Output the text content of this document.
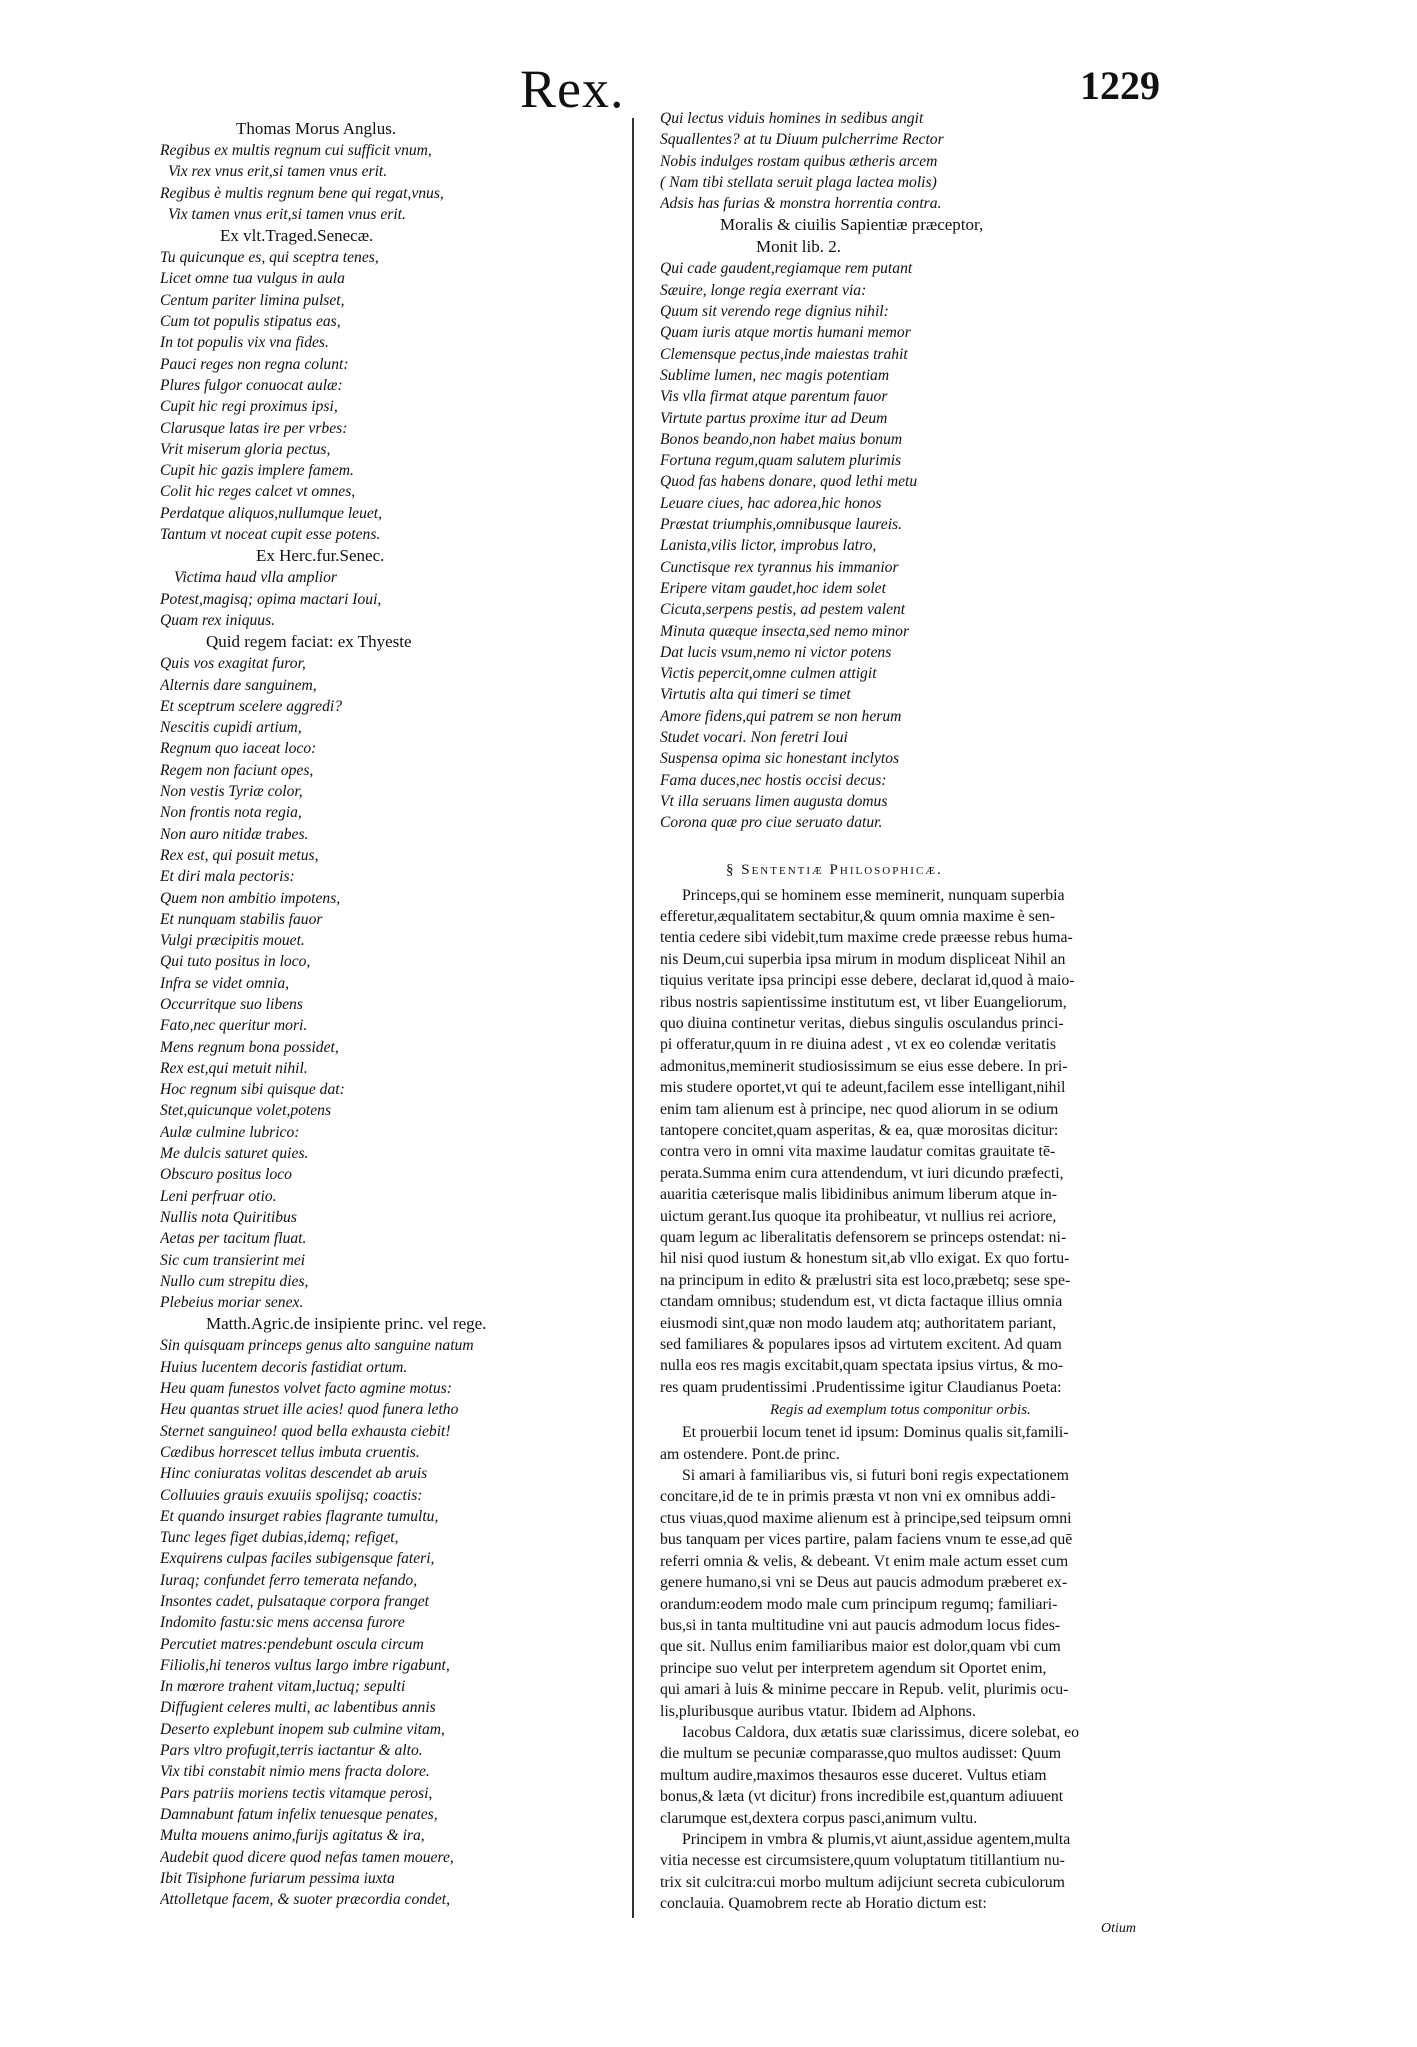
Rex.	1229
Thomas Morus Anglus.
Regibus ex multis regnum cui sufficit vnum,
Vix rex vnus erit,si tamen vnus erit.
Regibus è multis regnum bene qui regat,vnus,
Vix tamen vnus erit,si tamen vnus erit.
Ex vlt.Traged.Senecæ.
Tu quicunque es, qui sceptra tenes,
Licet omne tua vulgus in aula
Centum pariter limina pulset,
Cum tot populis stipatus eas,
In tot populis vix vna fides.
Pauci reges non regna colunt:
Plures fulgor conuocat aulæ:
Cupit hic regi proximus ipsi,
Clarusque latas ire per vrbes:
Vrit miserum gloria pectus,
Cupit hic gazis implere famem.
Colit hic reges calcet vt omnes,
Perdatque aliquos,nullumque leuet,
Tantum vt noceat cupit esse potens.
Ex Herc.fur.Senec.
Victima haud vlla amplior
Potest,magisq; opima mactari Ioui,
Quam rex iniquus.
Quid regem faciat: ex Thyeste
Quis vos exagitat furor,
Alternis dare sanguinem,
Et sceptrum scelere aggredi?
Nescitis cupidi artium,
Regnum quo iaceat loco:
Regem non faciunt opes,
Non vestis Tyriæ color,
Non frontis nota regia,
Non auro nitidæ trabes.
Rex est, qui posuit metus,
Et diri mala pectoris:
Quem non ambitio impotens,
Et nunquam stabilis fauor
Vulgi præcipitis mouet.
Qui tuto positus in loco,
Infra se videt omnia,
Occurritque suo libens
Fato,nec queritur mori.
Mens regnum bona possidet,
Rex est,qui metuit nihil.
Hoc regnum sibi quisque dat:
Stet,quicunque volet,potens
Aulæ culmine lubrico:
Me dulcis saturet quies.
Obscuro positus loco
Leni perfruar otio.
Nullis nota Quiritibus
Aetas per tacitum fluat.
Sic cum transierint mei
Nullo cum strepitu dies,
Plebeius moriar senex.
Matth.Agric.de insipiente princ. vel rege.
Sin quisquam princeps genus alto sanguine natum
Huius lucentem decoris fastidiat ortum.
Heu quam funestos volvet facto agmine motus:
Heu quantas struet ille acies! quod funera letho
Sternet sanguineo! quod bella exhausta ciebit!
Cædibus horrescet tellus imbuta cruentis.
Hinc coniuratas volitas descendet ab aruis
Colluuies grauis exuuiis spolijsq; coactis:
Et quando insurget rabies flagrante tumultu,
Tunc leges figet dubias,idemq; refiget,
Exquirens culpas faciles subigensque fateri,
Iuraq; confundet ferro temerata nefando,
Insontes cadet, pulsataque corpora franget
Indomito fastu:sic mens accensa furore
Percutiet matres:pendebunt oscula circum
Filiolis,hi teneros vultus largo imbre rigabunt,
In mœrore trahent vitam,luctuq; sepulti
Diffugient celeres multi, ac labentibus annis
Deserto explebunt inopem sub culmine vitam,
Pars vltro profugit,terris iactantur & alto.
Vix tibi constabit nimio mens fracta dolore.
Pars patriis moriens tectis vitamque perosi,
Damnabunt fatum infelix tenuesque penates,
Multa mouens animo,furijs agitatus & ira,
Audebit quod dicere quod nefas tamen mouere,
Ibit Tisiphone furiarum pessima iuxta
Attolletque facem, & suoter præcordia condet,
Qui lectus viduis homines in sedibus angit
Squallentes? at tu Diuum pulcherrime Rector
Nobis indulges rostam quibus ætheris arcem
( Nam tibi stellata seruit plaga lactea molis)
Adsis has furias & monstra horrentia contra.
Moralis & ciuilis Sapientiæ præceptor,
Monit lib. 2.
Qui cade gaudent,regiamque rem putant
Sæuire, longe regia exerrant via:
Quum sit verendo rege dignius nihil:
Quam iuris atque mortis humani memor
Clemensque pectus,inde maiestas trahit
Sublime lumen, nec magis potentiam
Vis vlla firmat atque parentum fauor
Virtute partus proxime itur ad Deum
Bonos beando,non habet maius bonum
Fortuna regum,quam salutem plurimis
Quod fas habens donare, quod lethi metu
Leuare ciues, hac adorea,hic honos
Præstat triumphis,omnibusque laureis.
Lanista,vilis lictor, improbus latro,
Cunctisque rex tyrannus his immanior
Eripere vitam gaudet,hoc idem solet
Cicuta,serpens pestis, ad pestem valent
Minuta quæque insecta,sed nemo minor
Dat lucis vsum,nemo ni victor potens
Victis pepercit,omne culmen attigit
Virtutis alta qui timeri se timet
Amore fidens,qui patrem se non herum
Studet vocari. Non feretri Ioui
Suspensa opima sic honestant inclytos
Fama duces,nec hostis occisi decus:
Vt illa seruans limen augusta domus
Corona quæ pro ciue seruato datur.
§ Sententiæ Philosophicæ.
Princeps,qui se hominem esse meminerit, nunquam superbia
efferetur,æqualitatem sectabitur,& quum omnia maxime è sen-
tentia cedere sibi videbit,tum maxime crede præesse rebus huma-
nis Deum,cui superbia ipsa mirum in modum displiceat Nihil an
tiquius veritate ipsa principi esse debere, declarat id,quod à maio-
ribus nostris sapientissime institutum est, vt liber Euangeliorum,
quo diuina continetur veritas, diebus singulis osculandus princi-
pi offeratur,quum in re diuina adest , vt ex eo colendæ veritatis
admonitus,meminerit studiosissimum se eius esse debere. In pri-
mis studere oportet,vt qui te adeunt,facilem esse intelligant,nihil
enim tam alienum est à principe, nec quod aliorum in se odium
tantopere concitet,quam asperitas, & ea, quæ morositas dicitur:
contra vero in omni vita maxime laudatur comitas grauitate tē-
perata.Summa enim cura attendendum, vt iuri dicundo præfecti,
auaritia cæterisque malis libidinibus animum liberum atque in-
uictum gerant.Ius quoque ita prohibeatur, vt nullius rei acriore,
quam legum ac liberalitatis defensorem se princeps ostendat: ni-
hil nisi quod iustum & honestum sit,ab vllo exigat. Ex quo fortu-
na principum in edito & prælustri sita est loco,præbetq; sese spe-
ctandam omnibus; studendum est, vt dicta factaque illius omnia
eiusmodi sint,quæ non modo laudem atq; authoritatem pariant,
sed familiares & populares ipsos ad virtutem excitent. Ad quam
nulla eos res magis excitabit,quam spectata ipsius virtus, & mo-
res quam prudentissimi .Prudentissime igitur Claudianus Poeta:
Regis ad exemplum totus componitur orbis.
Et prouerbii locum tenet id ipsum: Dominus qualis sit,famili-
am ostendere. Pont.de princ.
Si amari à familiaribus vis, si futuri boni regis expectationem
concitare,id de te in primis præsta vt non vni ex omnibus addi-
ctus viuas,quod maxime alienum est à principe,sed teipsum omni
bus tanquam per vices partire, palam faciens vnum te esse,ad quē
referri omnia & velis, & debeant. Vt enim male actum esset cum
genere humano,si vni se Deus aut paucis admodum præberet ex-
orandum:eodem modo male cum principum regumq; familiari-
bus,si in tanta multitudine vni aut paucis admodum locus fides-
que sit. Nullus enim familiaribus maior est dolor,quam vbi cum
principe suo velut per interpretem agendum sit Oportet enim,
qui amari à luis & minime peccare in Repub. velit, plurimis ocu-
lis,pluribusque auribus vtatur. Ibidem ad Alphons.
Iacobus Caldora, dux ætatis suæ clarissimus, dicere solebat, eo
die multum se pecuniæ comparasse,quo multos audisset: Quum
multum audire,maximos thesauros esse duceret. Vultus etiam
bonus,& læta (vt dicitur) frons incredibile est,quantum adiuuent
clarumque est,dextera corpus pasci,animum vultu.
Principem in vmbra & plumis,vt aiunt,assidue agentem,multa
vitia necesse est circumsistere,quum voluptatum titillantium nu-
trix sit culcitra:cui morbo multum adijciunt secreta cubiculorum
conclauia. Quamobrem recte ab Horatio dictum est:
Otium
